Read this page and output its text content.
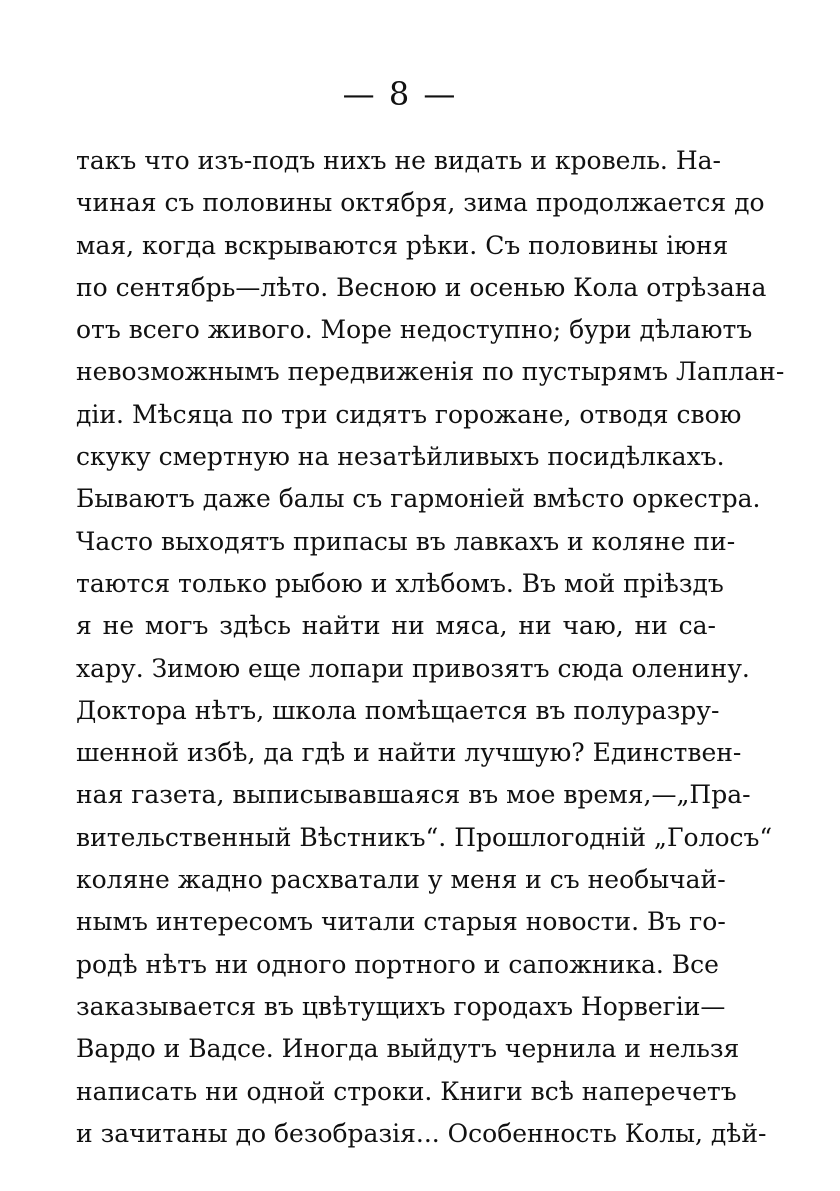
— 8 —
такъ что изъ-подъ нихъ не видать и кровель. На-
чиная съ половины октября, зима продолжается до
мая, когда вскрываются рѣки. Съ половины іюня
по сентябрь—лѣто. Весною и осенью Кола отрѣзана
отъ всего живого. Море недоступно; бури дѣлаютъ
невозможнымъ передвиженія по пустырямъ Лаплан-
діи. Мѣсяца по три сидятъ горожане, отводя свою
скуку смертную на незатѣйливыхъ посидѣлкахъ.
Бываютъ даже балы съ гармоніей вмѣсто оркестра.
Часто выходятъ припасы въ лавкахъ и коляне пи-
таются только рыбою и хлѣбомъ. Въ мой пріѣздъ
я не могъ здѣсь найти ни мяса, ни чаю, ни са-
хару. Зимою еще лопари привозятъ сюда оленину.
Доктора нѣтъ, школа помѣщается въ полуразру-
шенной избѣ, да гдѣ и найти лучшую? Единствен-
ная газета, выписывавшаяся въ мое время,—„Пра-
вительственный Вѣстникъ“. Прошлогодній „Голосъ“
коляне жадно расхватали у меня и съ необычай-
нымъ интересомъ читали старыя новости. Въ го-
родѣ нѣтъ ни одного портного и сапожника. Все
заказывается въ цвѣтущихъ городахъ Норвегіи—
Вардо и Вадсе. Иногда выйдутъ чернила и нельзя
написать ни одной строки. Книги всѣ наперечетъ
и зачитаны до безобразія... Особенность Колы, дѣй-
